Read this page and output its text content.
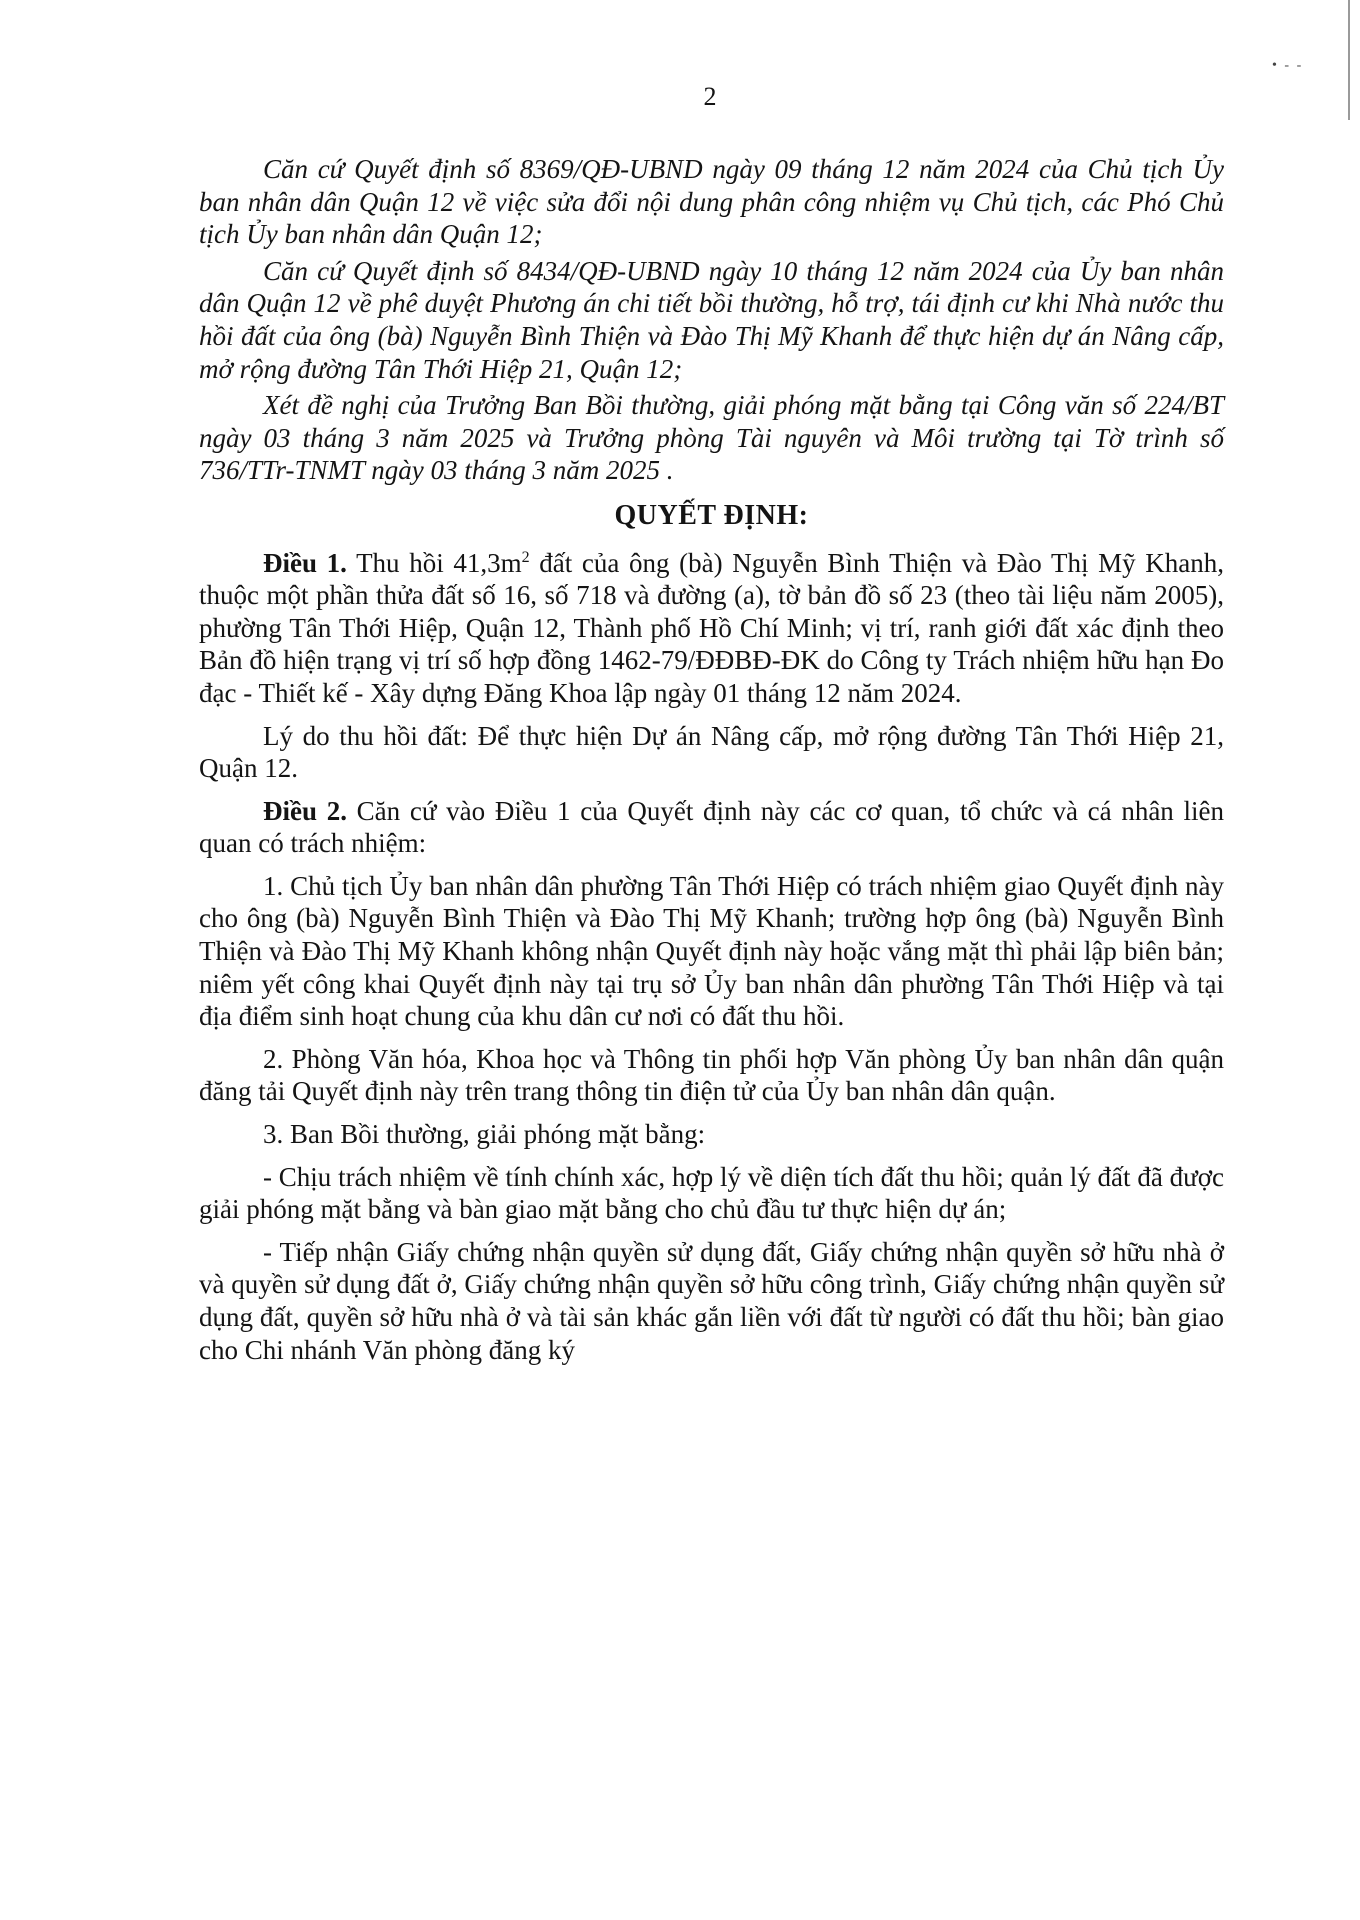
• - -
2

Căn cứ Quyết định số 8369/QĐ-UBND ngày 09 tháng 12 năm 2024 của Chủ tịch Ủy ban nhân dân Quận 12 về việc sửa đổi nội dung phân công nhiệm vụ Chủ tịch, các Phó Chủ tịch Ủy ban nhân dân Quận 12;

Căn cứ Quyết định số 8434/QĐ-UBND ngày 10 tháng 12 năm 2024 của Ủy ban nhân dân Quận 12 về phê duyệt Phương án chi tiết bồi thường, hỗ trợ, tái định cư khi Nhà nước thu hồi đất của ông (bà) Nguyễn Bình Thiện và Đào Thị Mỹ Khanh để thực hiện dự án Nâng cấp, mở rộng đường Tân Thới Hiệp 21, Quận 12;

Xét đề nghị của Trưởng Ban Bồi thường, giải phóng mặt bằng tại Công văn số 224/BT ngày 03 tháng 3 năm 2025 và Trưởng phòng Tài nguyên và Môi trường tại Tờ trình số 736/TTr-TNMT ngày 03 tháng 3 năm 2025 .

QUYẾT ĐỊNH:

Điều 1. Thu hồi $41,3m^2$ đất của ông (bà) Nguyễn Bình Thiện và Đào Thị Mỹ Khanh, thuộc một phần thửa đất số 16, số 718 và đường (a), tờ bản đồ số 23 (theo tài liệu năm 2005), phường Tân Thới Hiệp, Quận 12, Thành phố Hồ Chí Minh; vị trí, ranh giới đất xác định theo Bản đồ hiện trạng vị trí số hợp đồng 1462-79/ĐĐBĐ-ĐK do Công ty Trách nhiệm hữu hạn Đo đạc - Thiết kế - Xây dựng Đăng Khoa lập ngày 01 tháng 12 năm 2024.

Lý do thu hồi đất: Để thực hiện Dự án Nâng cấp, mở rộng đường Tân Thới Hiệp 21, Quận 12.

Điều 2. Căn cứ vào Điều 1 của Quyết định này các cơ quan, tổ chức và cá nhân liên quan có trách nhiệm:

1. Chủ tịch Ủy ban nhân dân phường Tân Thới Hiệp có trách nhiệm giao Quyết định này cho ông (bà) Nguyễn Bình Thiện và Đào Thị Mỹ Khanh; trường hợp ông (bà) Nguyễn Bình Thiện và Đào Thị Mỹ Khanh không nhận Quyết định này hoặc vắng mặt thì phải lập biên bản; niêm yết công khai Quyết định này tại trụ sở Ủy ban nhân dân phường Tân Thới Hiệp và tại địa điểm sinh hoạt chung của khu dân cư nơi có đất thu hồi.

2. Phòng Văn hóa, Khoa học và Thông tin phối hợp Văn phòng Ủy ban nhân dân quận đăng tải Quyết định này trên trang thông tin điện tử của Ủy ban nhân dân quận.

3. Ban Bồi thường, giải phóng mặt bằng:

- Chịu trách nhiệm về tính chính xác, hợp lý về diện tích đất thu hồi; quản lý đất đã được giải phóng mặt bằng và bàn giao mặt bằng cho chủ đầu tư thực hiện dự án;

- Tiếp nhận Giấy chứng nhận quyền sử dụng đất, Giấy chứng nhận quyền sở hữu nhà ở và quyền sử dụng đất ở, Giấy chứng nhận quyền sở hữu công trình, Giấy chứng nhận quyền sử dụng đất, quyền sở hữu nhà ở và tài sản khác gắn liền với đất từ người có đất thu hồi; bàn giao cho Chi nhánh Văn phòng đăng ký
